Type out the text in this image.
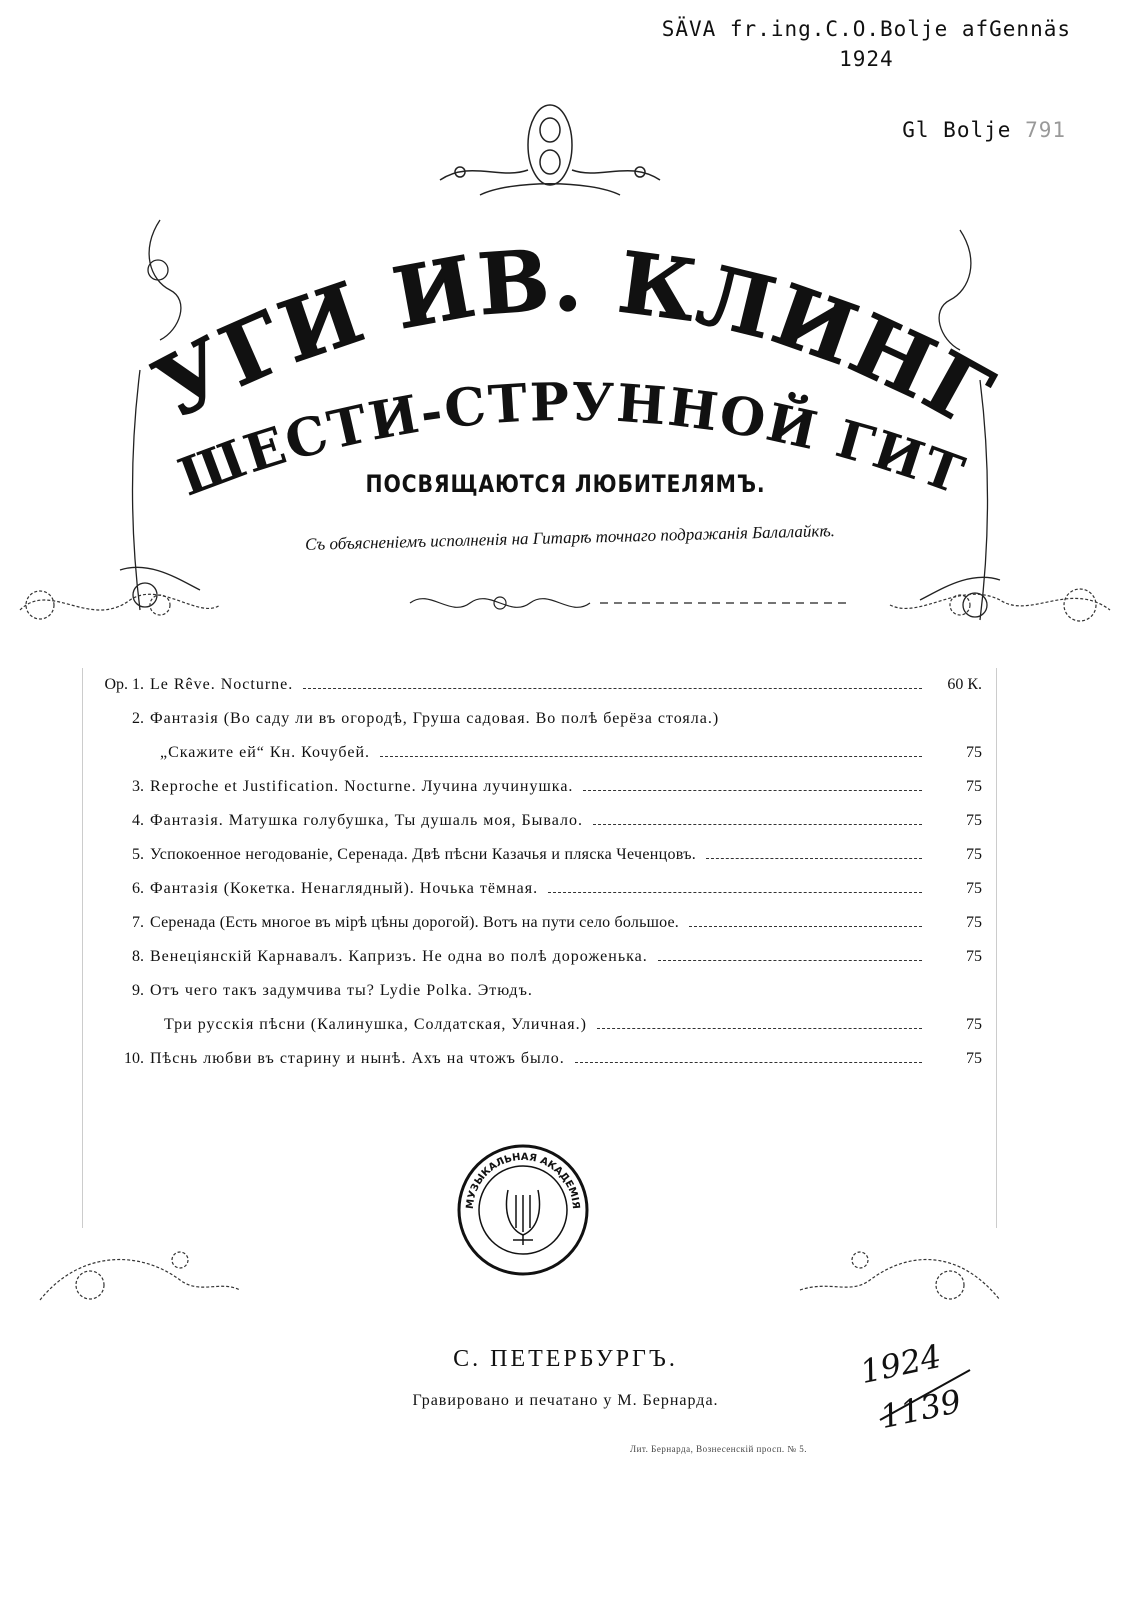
SÄVA fr.ing.C.O.Bolje afGennäs
1924
Gl Bolje 791
УГИ ИВ. КЛИНГ
ШЕСТИ-СТРУННОЙ ГИТ
ПОСВЯЩАЮТСЯ ЛЮБИТЕЛЯМЪ.
Съ объясненіемъ исполненія на Гитарѣ точнаго подражанія Балалайкѣ.
Op. 1. Le Rêve. Nocturne.	60 К.
2. Фантазія (Во саду ли въ огородѣ, Груша садовая. Во полѣ берёза стояла.)
„Скажите ей“ Кн. Кочубей.	75
3. Reproche et Justification. Nocturne. Лучина лучинушка.	75
4. Фантазія. Матушка голубушка, Ты душаль моя, Бывало.	75
5. Успокоенное негодованіе, Серенада. Двѣ пѣсни Казачья и пляска Чеченцовъ.	75
6. Фантазія (Кокетка. Ненаглядный). Ночька тёмная.	75
7. Серенада (Есть многое въ мірѣ цѣны дорогой). Вотъ на пути село большое.	75
8. Венеціянскій Карнавалъ. Капризъ. Не одна во полѣ дороженька.	75
9. Отъ чего такъ задумчива ты? Lydie Polka. Этюдъ.
Три русскія пѣсни (Калинушка, Солдатская, Уличная.)	75
10. Пѣснь любви въ старину и нынѣ. Ахъ на чтожъ было.	75
МУЗЫКАЛЬНАЯ АКАДЕМІЯ
С. ПЕТЕРБУРГЪ.
Гравировано и печатано у М. Бернарда.
Лит. Бернарда, Вознесенскій просп. № 5.
1924
1139
